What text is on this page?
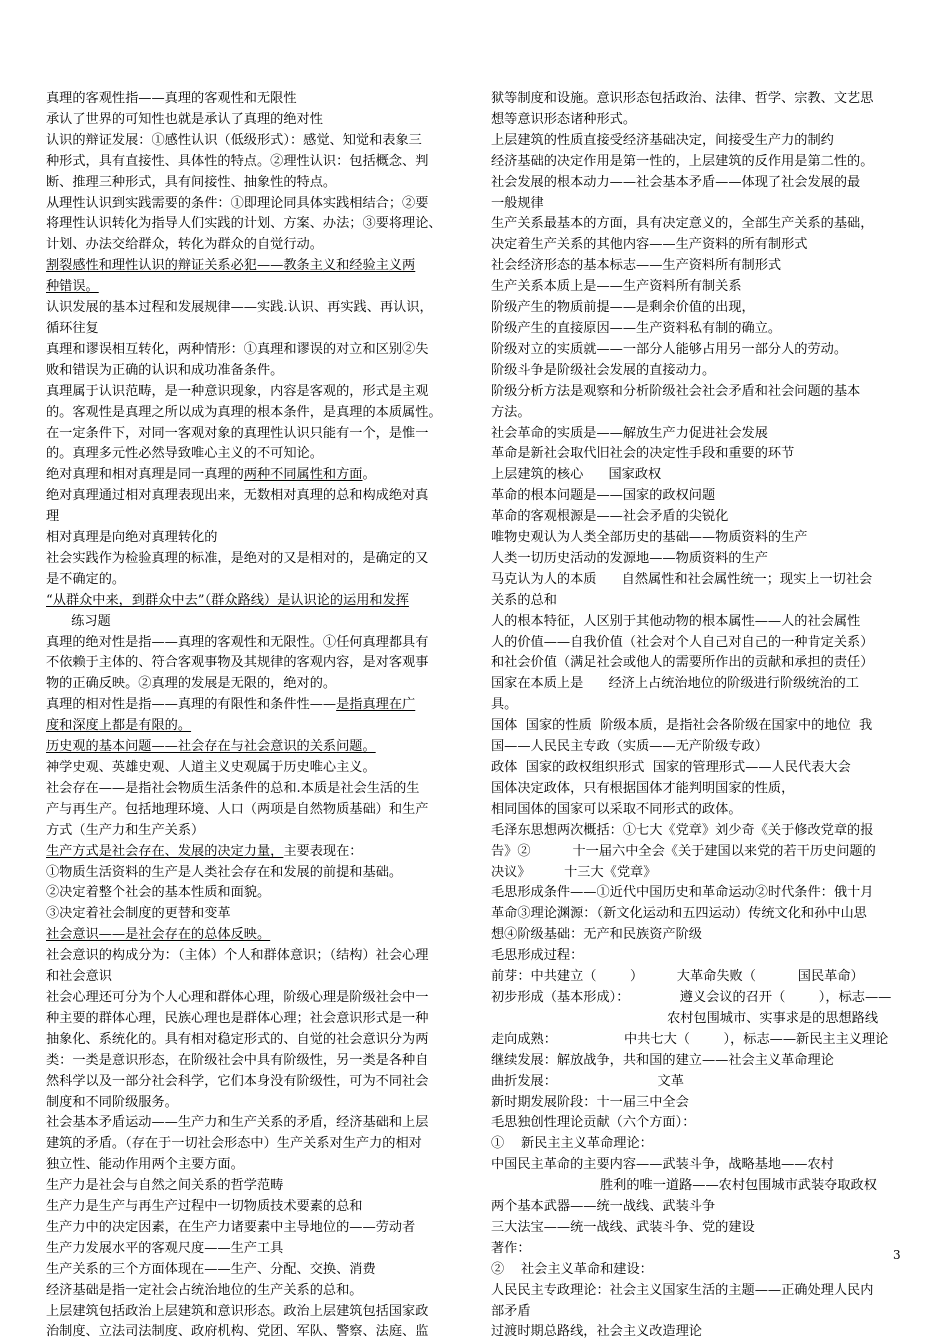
真理的客观性指——真理的客观性和无限性

承认了世界的可知性也就是承认了真理的绝对性

认识的辩证发展：①感性认识（低级形式）：感觉、知觉和表象三

种形式，具有直接性、具体性的特点。②理性认识：包括概念、判

断、推理三种形式，具有间接性、抽象性的特点。

从理性认识到实践需要的条件：①即理论同具体实践相结合；②要

将理性认识转化为指导人们实践的计划、方案、办法；③要将理论、

计划、办法交给群众，转化为群众的自觉行动。

割裂感性和理性认识的辩证关系必犯——教条主义和经验主义两

种错误。

认识发展的基本过程和发展规律——实践.认识、再实践、再认识，

循环往复

真理和谬误相互转化，两种情形：①真理和谬误的对立和区别②失

败和错误为正确的认识和成功准备条件。

真理属于认识范畴，是一种意识现象，内容是客观的，形式是主观

的。客观性是真理之所以成为真理的根本条件，是真理的本质属性。

在一定条件下，对同一客观对象的真理性认识只能有一个，是惟一

的。真理多元性必然导致唯心主义的不可知论。

绝对真理和相对真理是同一真理的两种不同属性和方面。

绝对真理通过相对真理表现出来，无数相对真理的总和构成绝对真

理

相对真理是向绝对真理转化的

社会实践作为检验真理的标准，是绝对的又是相对的，是确定的又

是不确定的。

“从群众中来，到群众中去”（群众路线）是认识论的运用和发挥

练习题

真理的绝对性是指——真理的客观性和无限性。①任何真理都具有

不依赖于主体的、符合客观事物及其规律的客观内容，是对客观事

物的正确反映。②真理的发展是无限的，绝对的。

真理的相对性是指——真理的有限性和条件性——是指真理在广

度和深度上都是有限的。

历史观的基本问题——社会存在与社会意识的关系问题。

神学史观、英雄史观、人道主义史观属于历史唯心主义。

社会存在——是指社会物质生活条件的总和.本质是社会生活的生

产与再生产。包括地理环境、人口（两项是自然物质基础）和生产

方式（生产力和生产关系）

生产方式是社会存在、发展的决定力量，主要表现在：

①物质生活资料的生产是人类社会存在和发展的前提和基础。

②决定着整个社会的基本性质和面貌。

③决定着社会制度的更替和变革

社会意识——是社会存在的总体反映。

社会意识的构成分为：（主体）个人和群体意识；（结构）社会心理

和社会意识

社会心理还可分为个人心理和群体心理，阶级心理是阶级社会中一

种主要的群体心理，民族心理也是群体心理；社会意识形式是一种

抽象化、系统化的。具有相对稳定形式的、自觉的社会意识分为两

类：一类是意识形态，在阶级社会中具有阶级性，另一类是各种自

然科学以及一部分社会科学，它们本身没有阶级性，可为不同社会

制度和不同阶级服务。

社会基本矛盾运动——生产力和生产关系的矛盾，经济基础和上层

建筑的矛盾。（存在于一切社会形态中）生产关系对生产力的相对

独立性、能动作用两个主要方面。

生产力是社会与自然之间关系的哲学范畴

生产力是生产与再生产过程中一切物质技术要素的总和

生产力中的决定因素，在生产力诸要素中主导地位的——劳动者

生产力发展水平的客观尺度——生产工具

生产关系的三个方面体现在——生产、分配、交换、消费

经济基础是指一定社会占统治地位的生产关系的总和。

上层建筑包括政治上层建筑和意识形态。政治上层建筑包括国家政

治制度、立法司法制度、政府机构、党团、军队、警察、法庭、监

狱等制度和设施。意识形态包括政治、法律、哲学、宗教、文艺思

想等意识形态诸种形式。

上层建筑的性质直接受经济基础决定，间接受生产力的制约

经济基础的决定作用是第一性的，上层建筑的反作用是第二性的。

社会发展的根本动力——社会基本矛盾——体现了社会发展的最

一般规律

生产关系最基本的方面，具有决定意义的，全部生产关系的基础，

决定着生产关系的其他内容——生产资料的所有制形式

社会经济形态的基本标志——生产资料所有制形式

生产关系本质上是——生产资料所有制关系

阶级产生的物质前提——是剩余价值的出现，

阶级产生的直接原因——生产资料私有制的确立。

阶级对立的实质就——一部分人能够占用另一部分人的劳动。

阶级斗争是阶级社会发展的直接动力。

阶级分析方法是观察和分析阶级社会社会矛盾和社会问题的基本

方法。

社会革命的实质是——解放生产力促进社会发展

革命是新社会取代旧社会的决定性手段和重要的环节

上层建筑的核心      国家政权

革命的根本问题是——国家的政权问题

革命的客观根源是——社会矛盾的尖锐化

唯物史观认为人类全部历史的基础——物质资料的生产

人类一切历史活动的发源地——物质资料的生产

马克认为人的本质      自然属性和社会属性统一；现实上一切社会

关系的总和

人的根本特征，人区别于其他动物的根本属性——人的社会属性

人的价值——自我价值（社会对个人自己对自己的一种肯定关系）

和社会价值（满足社会或他人的需要所作出的贡献和承担的责任）

国家在本质上是      经济上占统治地位的阶级进行阶级统治的工

具。

国体  国家的性质  阶级本质，是指社会各阶级在国家中的地位  我

国——人民民主专政（实质——无产阶级专政）

政体  国家的政权组织形式  国家的管理形式——人民代表大会

国体决定政体，只有根据国体才能判明国家的性质，

相同国体的国家可以采取不同形式的政体。

毛泽东思想两次概括：①七大《党章》刘少奇《关于修改党章的报

告》②          十一届六中全会《关于建国以来党的若干历史问题的

决议》        十三大《党章》

毛思形成条件——①近代中国历史和革命运动②时代条件：俄十月

革命③理论渊源：（新文化运动和五四运动）传统文化和孙中山思

想④阶级基础：无产和民族资产阶级

毛思形成过程：

前芽：中共建立（        ）        大革命失败（          国民革命）

初步形成（基本形成）：            遵义会议的召开（        ），标志——

农村包围城市、实事求是的思想路线

走向成熟：                中共七大（        ），标志——新民主主义理论

继续发展：解放战争，共和国的建立——社会主义革命理论

曲折发展：                        文革

新时期发展阶段：十一届三中全会

毛思独创性理论贡献（六个方面）：

①    新民主主义革命理论：

中国民主革命的主要内容——武装斗争，战略基地——农村

胜利的唯一道路——农村包围城市武装夺取政权

两个基本武器——统一战线、武装斗争

三大法宝——统一战线、武装斗争、党的建设

著作：

②    社会主义革命和建设：

人民民主专政理论：社会主义国家生活的主题——正确处理人民内

部矛盾

过渡时期总路线，社会主义改造理论

3
